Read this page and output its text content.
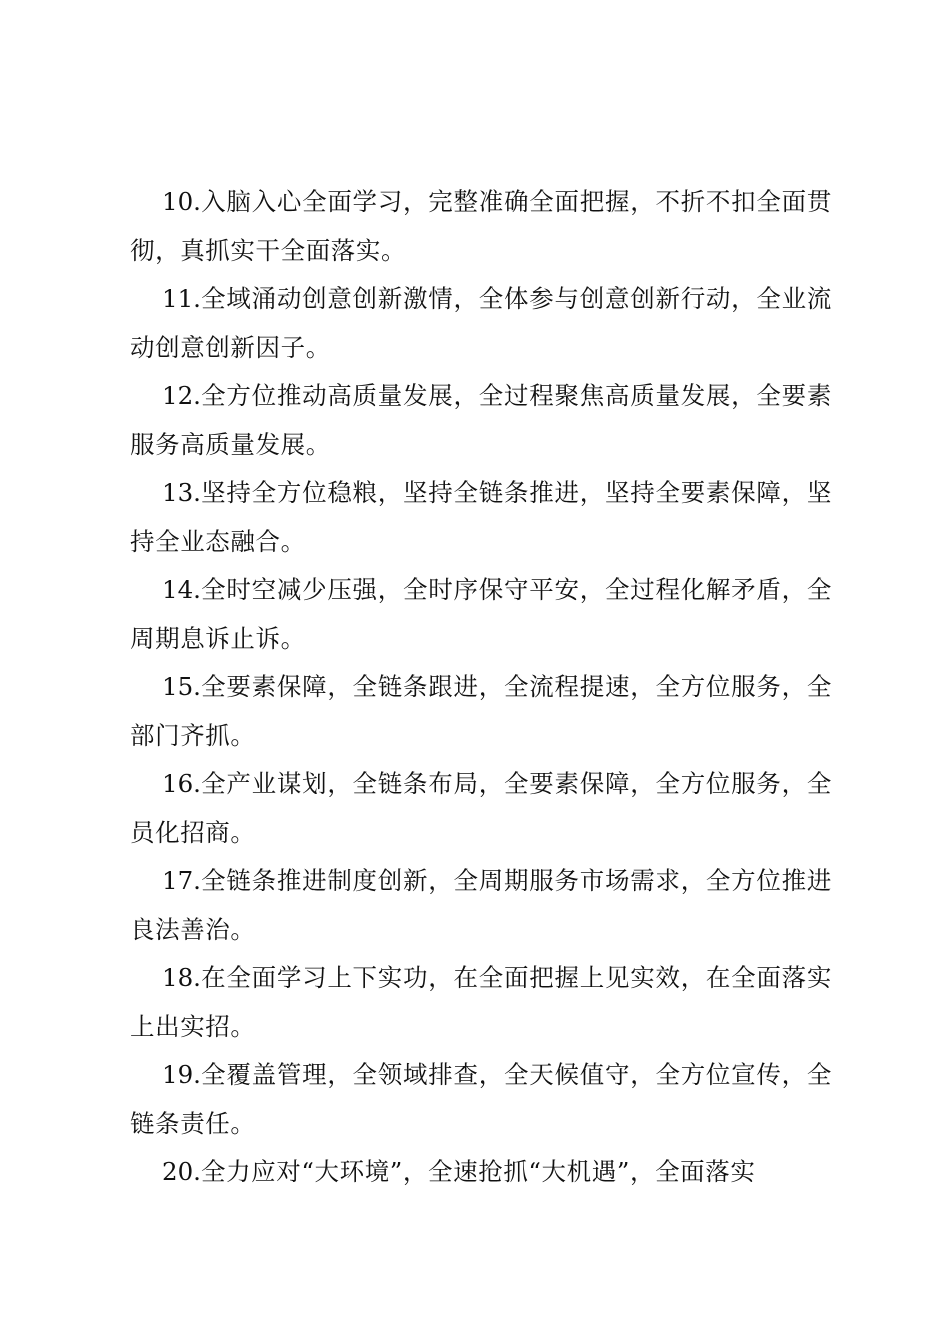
10.入脑入心全面学习，完整准确全面把握，不折不扣全面贯彻，真抓实干全面落实。

11.全域涌动创意创新激情，全体参与创意创新行动，全业流动创意创新因子。

12.全方位推动高质量发展，全过程聚焦高质量发展，全要素服务高质量发展。

13.坚持全方位稳粮，坚持全链条推进，坚持全要素保障，坚持全业态融合。

14.全时空减少压强，全时序保守平安，全过程化解矛盾，全周期息诉止诉。

15.全要素保障，全链条跟进，全流程提速，全方位服务，全部门齐抓。

16.全产业谋划，全链条布局，全要素保障，全方位服务，全员化招商。

17.全链条推进制度创新，全周期服务市场需求，全方位推进良法善治。

18.在全面学习上下实功，在全面把握上见实效，在全面落实上出实招。

19.全覆盖管理，全领域排查，全天候值守，全方位宣传，全链条责任。

20.全力应对“大环境”，全速抢抓“大机遇”，全面落实
